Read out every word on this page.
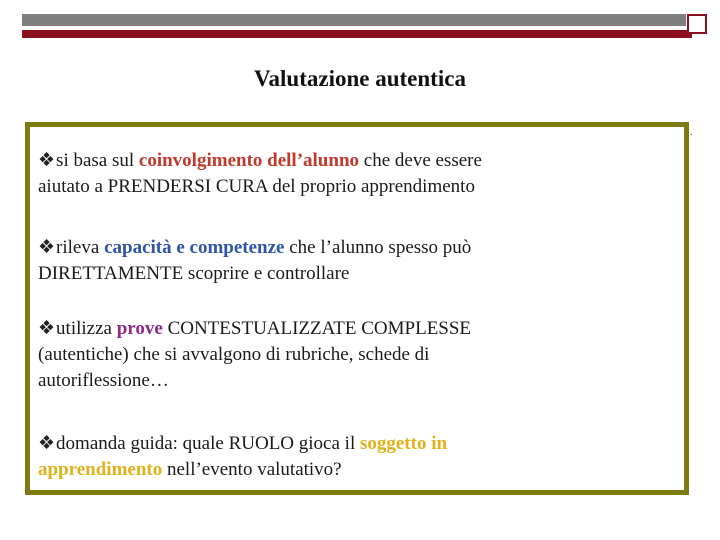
Valutazione autentica
.
❖si basa sul coinvolgimento dell’alunno che deve essere
aiutato a PRENDERSI CURA del proprio apprendimento
❖rileva capacità e competenze che l’alunno spesso può
DIRETTAMENTE scoprire e controllare
❖utilizza prove CONTESTUALIZZATE COMPLESSE
(autentiche) che si avvalgono di rubriche, schede di
autoriflessione…
❖domanda guida: quale RUOLO gioca il soggetto in
apprendimento nell’evento valutativo?
